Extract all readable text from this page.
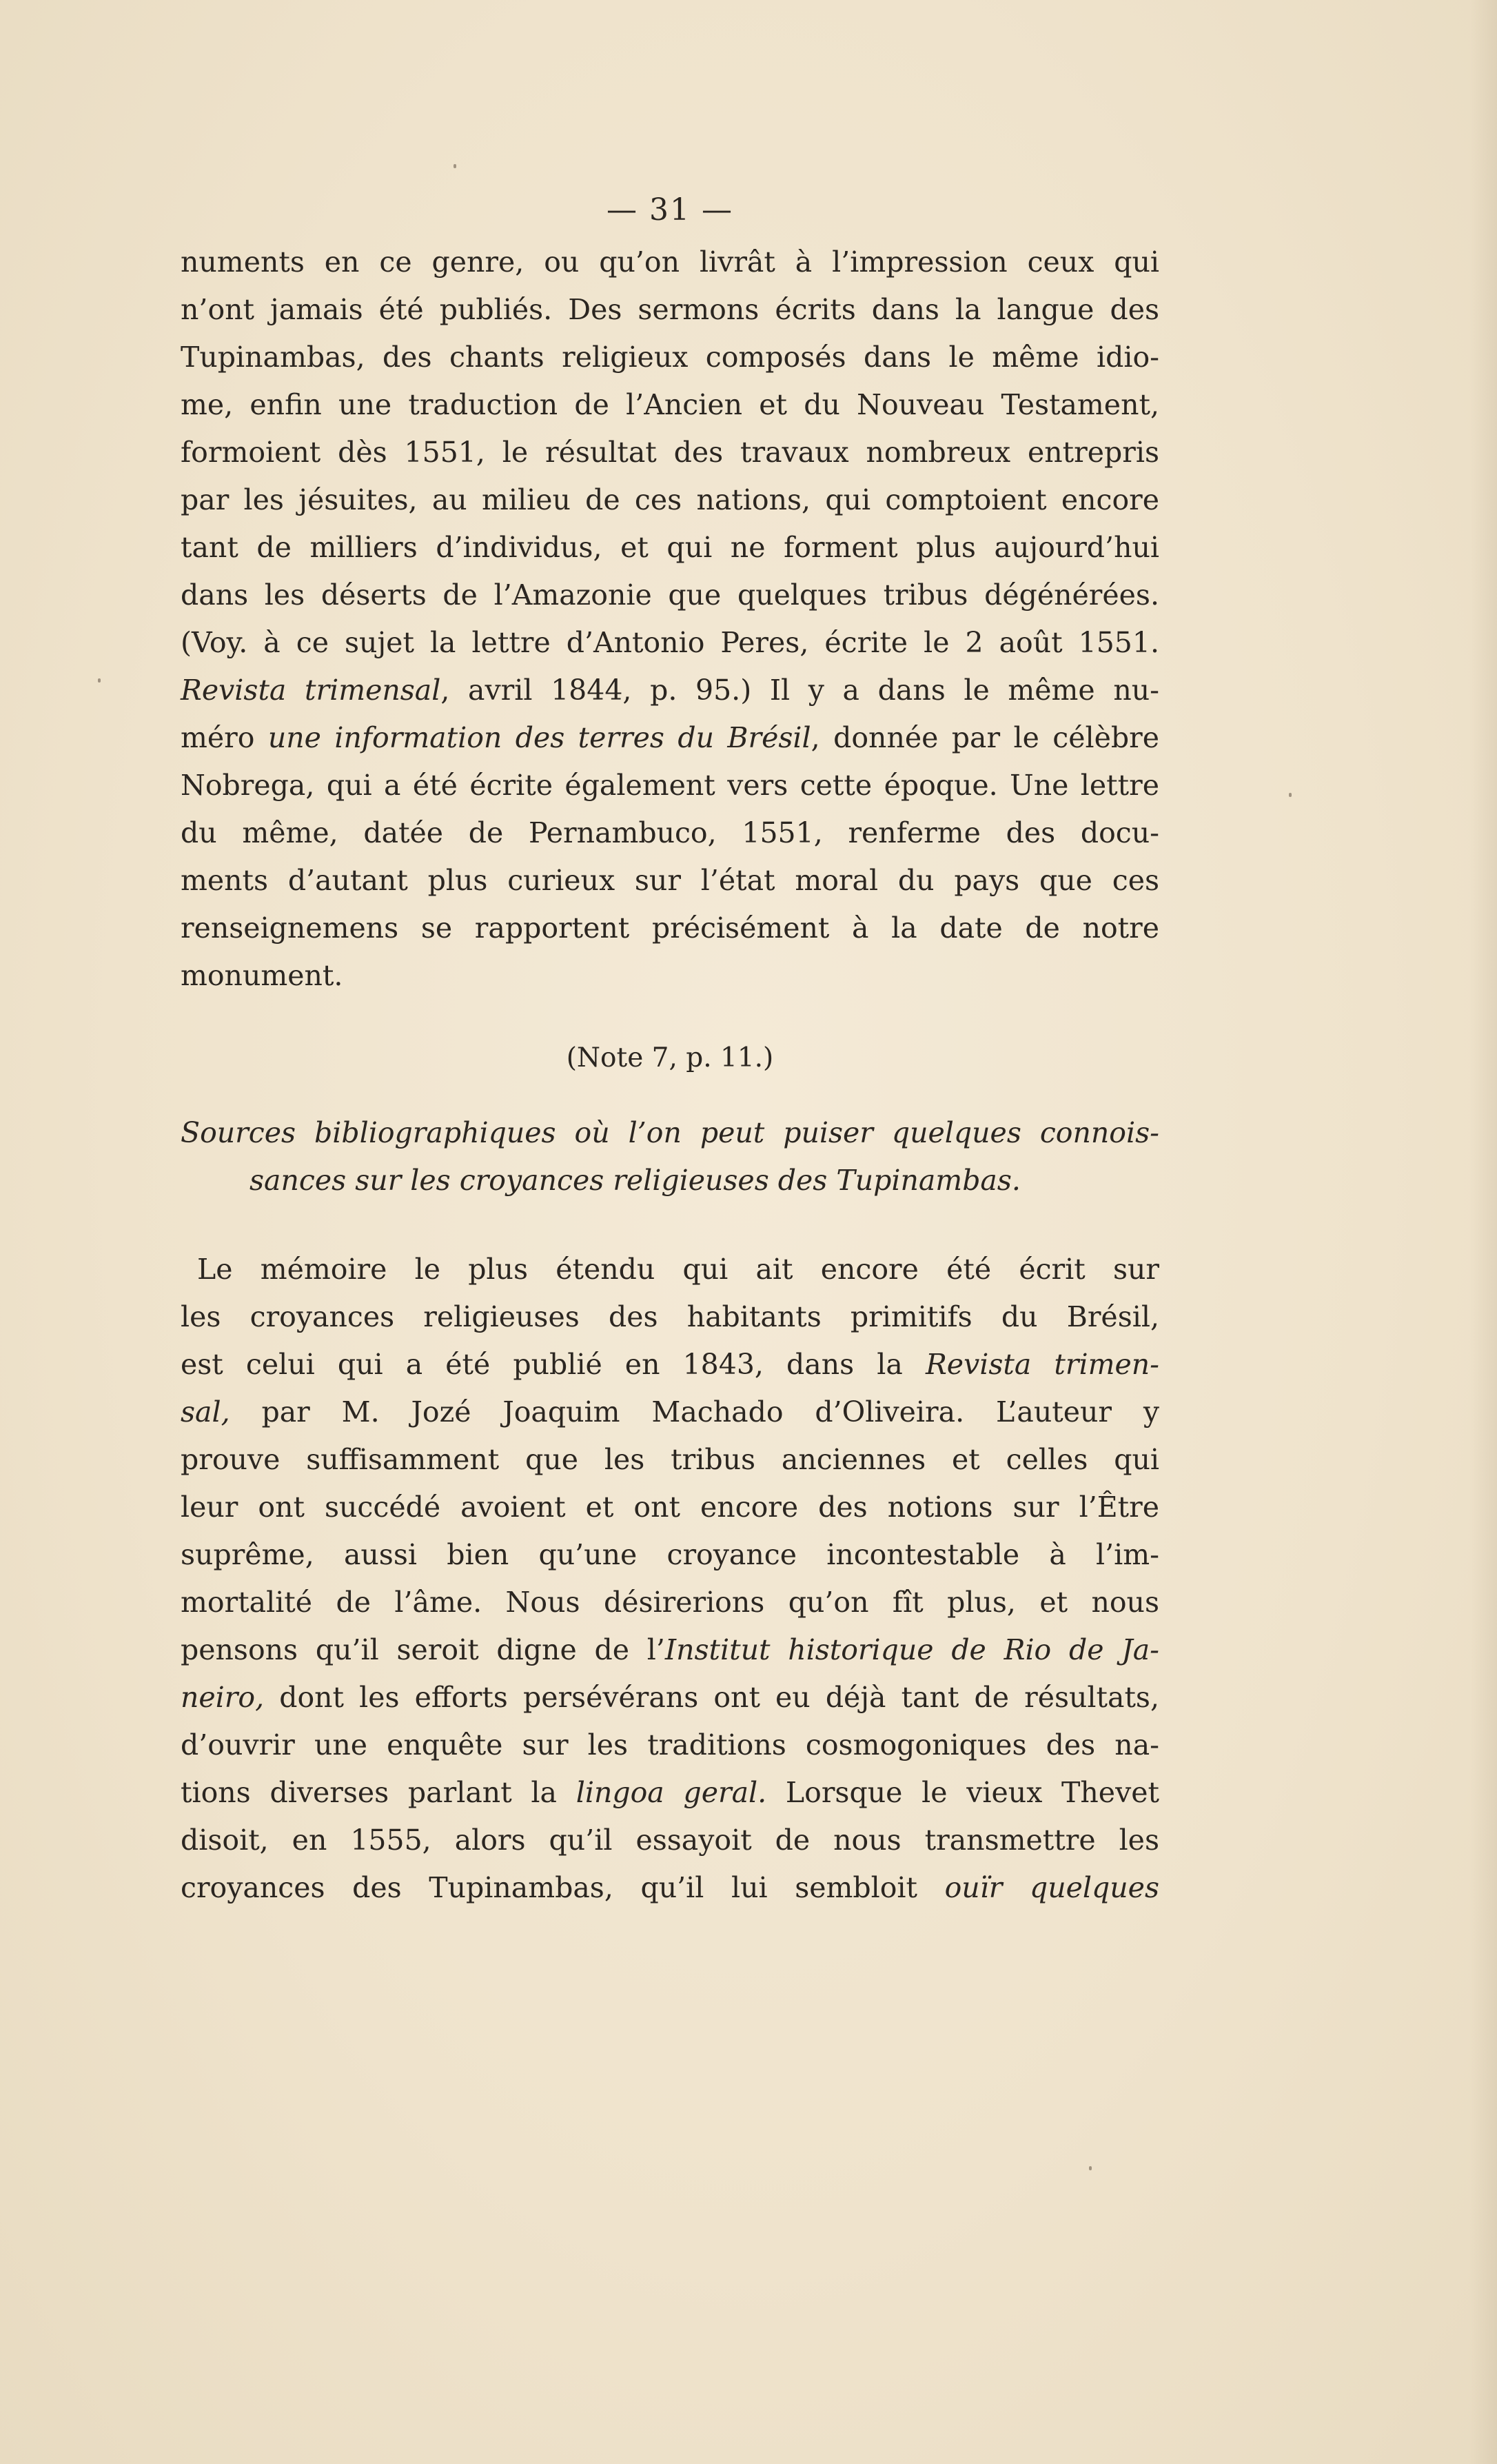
— 31 —
numents en ce genre, ou qu’on livrât à l’impression ceux qui
n’ont jamais été publiés. Des sermons écrits dans la langue des
Tupinambas, des chants religieux composés dans le même idio-
me, enfin une traduction de l’Ancien et du Nouveau Testament,
formoient dès 1551, le résultat des travaux nombreux entrepris
par les jésuites, au milieu de ces nations, qui comptoient encore
tant de milliers d’individus, et qui ne forment plus aujourd’hui
dans les déserts de l’Amazonie que quelques tribus dégénérées.
(Voy. à ce sujet la lettre d’Antonio Peres, écrite le 2 août 1551.
Revista trimensal, avril 1844, p. 95.) Il y a dans le même nu-
méro une information des terres du Brésil, donnée par le célèbre
Nobrega, qui a été écrite également vers cette époque. Une lettre
du même, datée de Pernambuco, 1551, renferme des docu-
ments d’autant plus curieux sur l’état moral du pays que ces
renseignemens se rapportent précisément à la date de notre
monument.
(Note 7, p. 11.)
Sources bibliographiques où l’on peut puiser quelques connois-
sances sur les croyances religieuses des Tupinambas.
Le mémoire le plus étendu qui ait encore été écrit sur
les croyances religieuses des habitants primitifs du Brésil,
est celui qui a été publié en 1843, dans la Revista trimen-
sal, par M. Jozé Joaquim Machado d’Oliveira. L’auteur y
prouve suffisamment que les tribus anciennes et celles qui
leur ont succédé avoient et ont encore des notions sur l’Être
suprême, aussi bien qu’une croyance incontestable à l’im-
mortalité de l’âme. Nous désirerions qu’on fît plus, et nous
pensons qu’il seroit digne de l’Institut historique de Rio de Ja-
neiro, dont les efforts persévérans ont eu déjà tant de résultats,
d’ouvrir une enquête sur les traditions cosmogoniques des na-
tions diverses parlant la lingoa geral. Lorsque le vieux Thevet
disoit, en 1555, alors qu’il essayoit de nous transmettre les
croyances des Tupinambas, qu’il lui sembloit ouïr quelques
